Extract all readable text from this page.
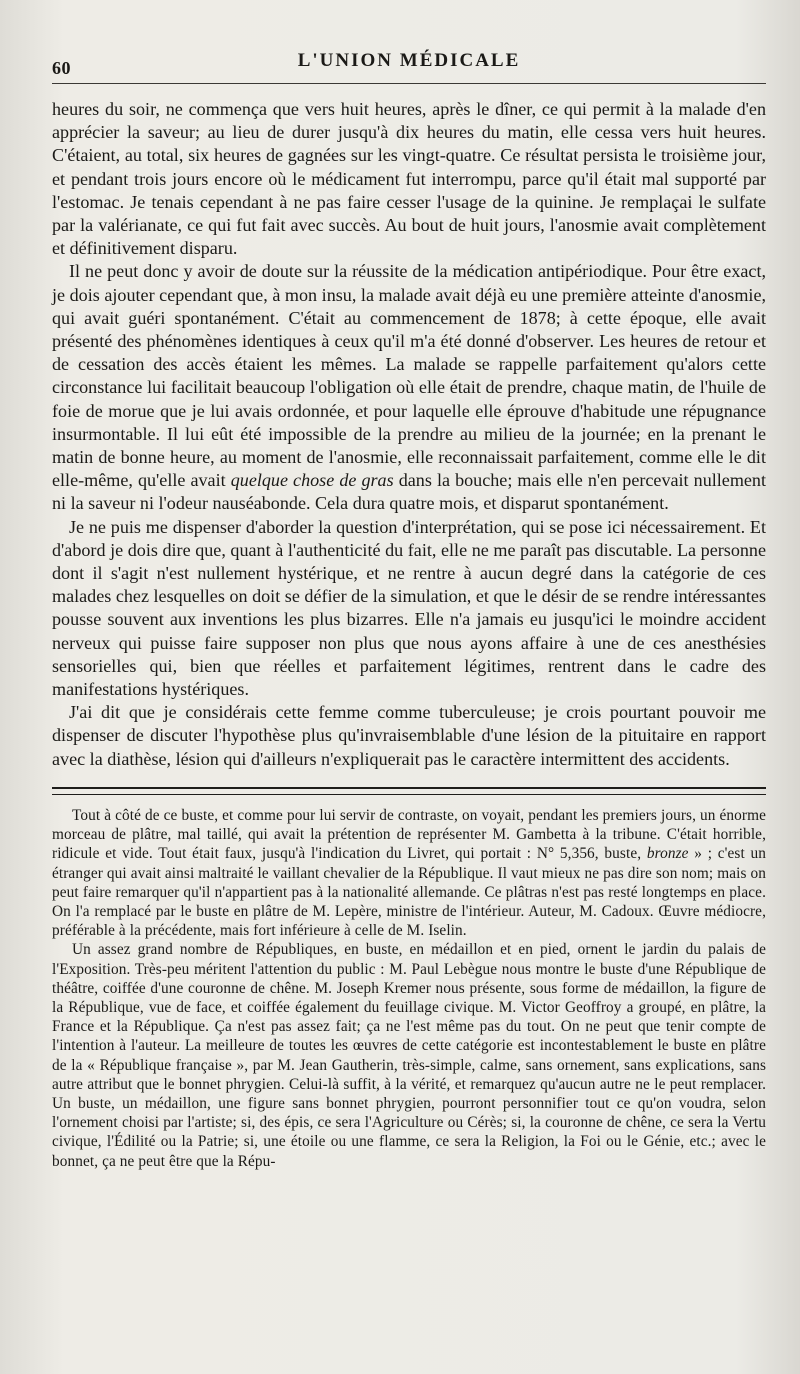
60	L'UNION MÉDICALE

heures du soir, ne commença que vers huit heures, après le dîner, ce qui permit à la malade d'en apprécier la saveur; au lieu de durer jusqu'à dix heures du matin, elle cessa vers huit heures. C'étaient, au total, six heures de gagnées sur les vingt-quatre. Ce résultat persista le troisième jour, et pendant trois jours encore où le médicament fut interrompu, parce qu'il était mal supporté par l'estomac. Je tenais cependant à ne pas faire cesser l'usage de la quinine. Je remplaçai le sulfate par la valérianate, ce qui fut fait avec succès. Au bout de huit jours, l'anosmie avait complètement et définitivement disparu.

Il ne peut donc y avoir de doute sur la réussite de la médication antipériodique. Pour être exact, je dois ajouter cependant que, à mon insu, la malade avait déjà eu une première atteinte d'anosmie, qui avait guéri spontanément. C'était au commencement de 1878; à cette époque, elle avait présenté des phénomènes identiques à ceux qu'il m'a été donné d'observer. Les heures de retour et de cessation des accès étaient les mêmes. La malade se rappelle parfaitement qu'alors cette circonstance lui facilitait beaucoup l'obligation où elle était de prendre, chaque matin, de l'huile de foie de morue que je lui avais ordonnée, et pour laquelle elle éprouve d'habitude une répugnance insurmontable. Il lui eût été impossible de la prendre au milieu de la journée; en la prenant le matin de bonne heure, au moment de l'anosmie, elle reconnaissait parfaitement, comme elle le dit elle-même, qu'elle avait quelque chose de gras dans la bouche; mais elle n'en percevait nullement ni la saveur ni l'odeur nauséabonde. Cela dura quatre mois, et disparut spontanément.

Je ne puis me dispenser d'aborder la question d'interprétation, qui se pose ici nécessairement. Et d'abord je dois dire que, quant à l'authenticité du fait, elle ne me paraît pas discutable. La personne dont il s'agit n'est nullement hystérique, et ne rentre à aucun degré dans la catégorie de ces malades chez lesquelles on doit se défier de la simulation, et que le désir de se rendre intéressantes pousse souvent aux inventions les plus bizarres. Elle n'a jamais eu jusqu'ici le moindre accident nerveux qui puisse faire supposer non plus que nous ayons affaire à une de ces anesthésies sensorielles qui, bien que réelles et parfaitement légitimes, rentrent dans le cadre des manifestations hystériques.

J'ai dit que je considérais cette femme comme tuberculeuse; je crois pourtant pouvoir me dispenser de discuter l'hypothèse plus qu'invraisemblable d'une lésion de la pituitaire en rapport avec la diathèse, lésion qui d'ailleurs n'expliquerait pas le caractère intermittent des accidents.

Tout à côté de ce buste, et comme pour lui servir de contraste, on voyait, pendant les premiers jours, un énorme morceau de plâtre, mal taillé, qui avait la prétention de représenter M. Gambetta à la tribune. C'était horrible, ridicule et vide. Tout était faux, jusqu'à l'indication du Livret, qui portait : N° 5,356, buste, bronze » ; c'est un étranger qui avait ainsi maltraité le vaillant chevalier de la République. Il vaut mieux ne pas dire son nom; mais on peut faire remarquer qu'il n'appartient pas à la nationalité allemande. Ce plâtras n'est pas resté longtemps en place. On l'a remplacé par le buste en plâtre de M. Lepère, ministre de l'intérieur. Auteur, M. Cadoux. Œuvre médiocre, préférable à la précédente, mais fort inférieure à celle de M. Iselin.

Un assez grand nombre de Républiques, en buste, en médaillon et en pied, ornent le jardin du palais de l'Exposition. Très-peu méritent l'attention du public : M. Paul Lebègue nous montre le buste d'une République de théâtre, coiffée d'une couronne de chêne. M. Joseph Kremer nous présente, sous forme de médaillon, la figure de la République, vue de face, et coiffée également du feuillage civique. M. Victor Geoffroy a groupé, en plâtre, la France et la République. Ça n'est pas assez fait; ça ne l'est même pas du tout. On ne peut que tenir compte de l'intention à l'auteur. La meilleure de toutes les œuvres de cette catégorie est incontestablement le buste en plâtre de la « République française », par M. Jean Gautherin, très-simple, calme, sans ornement, sans explications, sans autre attribut que le bonnet phrygien. Celui-là suffit, à la vérité, et remarquez qu'aucun autre ne le peut remplacer. Un buste, un médaillon, une figure sans bonnet phrygien, pourront personnifier tout ce qu'on voudra, selon l'ornement choisi par l'artiste; si, des épis, ce sera l'Agriculture ou Cérès; si, la couronne de chêne, ce sera la Vertu civique, l'Édilité ou la Patrie; si, une étoile ou une flamme, ce sera la Religion, la Foi ou le Génie, etc.; avec le bonnet, ça ne peut être que la Répu-
